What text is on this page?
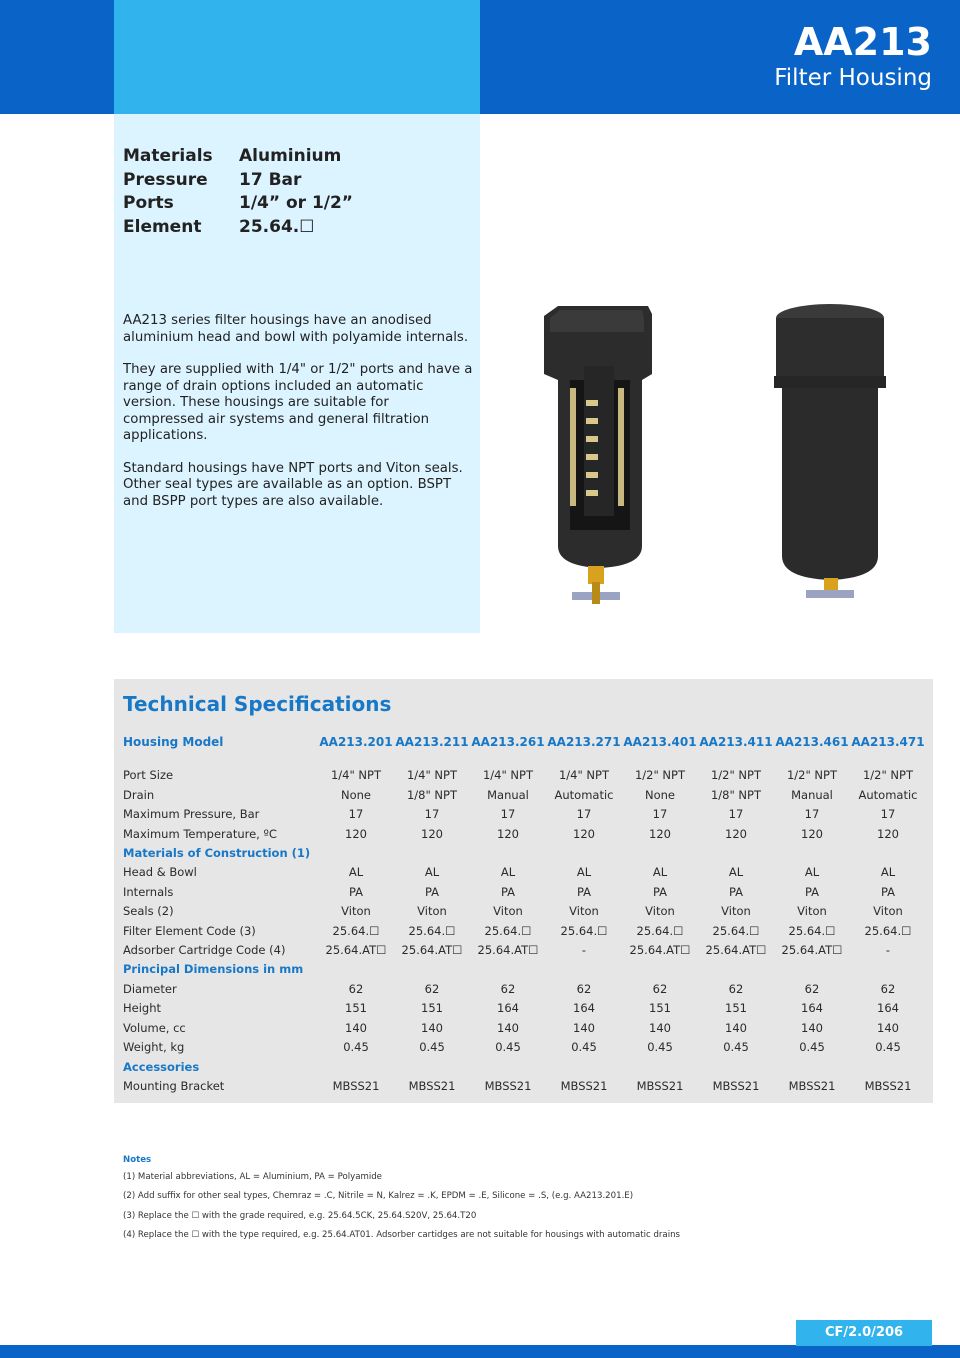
AA213
Filter Housing
Materials	Aluminium
Pressure	17 Bar
Ports	1/4” or 1/2”
Element	25.64.☐

AA213 series filter housings have an anodised aluminium head and bowl with polyamide internals.

They are supplied with 1/4" or 1/2" ports and have a range of drain options included an automatic version. These housings are suitable for compressed air systems and general filtration applications.

Standard housings have NPT ports and Viton seals. Other seal types are available as an option. BSPT and BSPP port types are also available.

Technical Specifications
Housing Model	AA213.201	AA213.211	AA213.261	AA213.271	AA213.401	AA213.411	AA213.461	AA213.471

Port Size	1/4" NPT	1/4" NPT	1/4" NPT	1/4" NPT	1/2" NPT	1/2" NPT	1/2" NPT	1/2" NPT
Drain	None	1/8" NPT	Manual	Automatic	None	1/8" NPT	Manual	Automatic
Maximum Pressure, Bar	17	17	17	17	17	17	17	17
Maximum Temperature, ºC	120	120	120	120	120	120	120	120
Materials of Construction (1)								
Head & Bowl	AL	AL	AL	AL	AL	AL	AL	AL
Internals	PA	PA	PA	PA	PA	PA	PA	PA
Seals (2)	Viton	Viton	Viton	Viton	Viton	Viton	Viton	Viton
Filter Element Code (3)	25.64.☐	25.64.☐	25.64.☐	25.64.☐	25.64.☐	25.64.☐	25.64.☐	25.64.☐
Adsorber Cartridge Code (4)	25.64.AT☐	25.64.AT☐	25.64.AT☐	-	25.64.AT☐	25.64.AT☐	25.64.AT☐	-
Principal Dimensions in mm								
Diameter	62	62	62	62	62	62	62	62
Height	151	151	164	164	151	151	164	164
Volume, cc	140	140	140	140	140	140	140	140
Weight, kg	0.45	0.45	0.45	0.45	0.45	0.45	0.45	0.45
Accessories								
Mounting Bracket	MBSS21	MBSS21	MBSS21	MBSS21	MBSS21	MBSS21	MBSS21	MBSS21
Notes
(1) Material abbreviations, AL = Aluminium, PA = Polyamide
(2) Add suffix for other seal types, Chemraz = .C, Nitrile = N, Kalrez = .K, EPDM = .E, Silicone = .S, (e.g. AA213.201.E)
(3) Replace the ☐ with the grade required, e.g. 25.64.5CK, 25.64.S20V, 25.64.T20
(4) Replace the ☐ with the type required, e.g. 25.64.AT01. Adsorber cartidges are not suitable for housings with automatic drains
CF/2.0/206
